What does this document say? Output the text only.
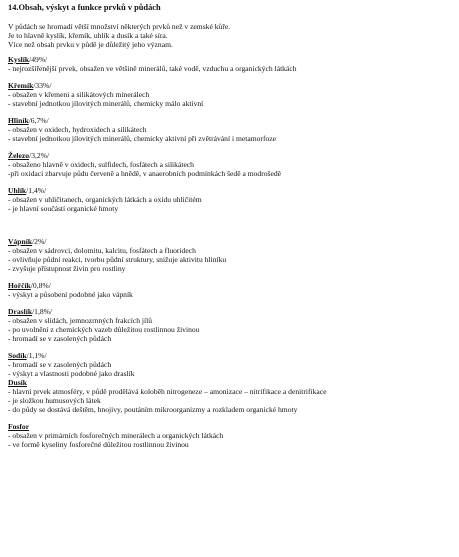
14.Obsah, výskyt a funkce prvků v půdách
V půdách se hromadí větší množství některých prvků než v zemské kůře.
Je to hlavně kyslík, křemík, uhlík a dusík a také síra.
Více než obsah prvku v půdě je důležitý jeho význam.
Kyslík/49%/
- nejrozšířenější prvek, obsažen ve většině minerálů, také vodě, vzduchu a organických látkách
Křemík/33%/
- obsažen v křemeni a silikátových minerálech
- stavební jednotkou jílovitých minerálů, chemicky málo aktivní
Hliník/6,7%/
- obsažen v oxidech, hydroxidech a silikátech
- stavební jednotkou jílovitých minerálů, chemicky aktivní při zvětrávání i metamorfoze
Železo/3,2%/
- obsaženo hlavně v oxidech, sulfidech, fosfátech a silikátech
-při oxidaci zbarvuje půdu červeně a hnědě, v anaerobních podmínkách šedě a modrošedě
Uhlík/1,4%/
- obsažen v uhličitanech, organických látkách a oxidu uhličitém
- je hlavní součástí organické hmoty
Vápník/2%/
- obsažen v sádrovci, dolomitu, kalcitu, fosfátech a fluoridech
- ovlivňuje půdní reakci, tvorbu půdní struktury, snižuje aktivitu hliníku
- zvyšuje přístupnost živin pro rostliny
Hořčík/0,8%/
- výskyt a působení podobné jako vápník
Draslík/1,8%/
- obsažen v slídách, jemnozrnných frakcích jílů
- po uvolnění z chemických vazeb důležitou rostlinnou živinou
- hromadí se v zasolených půdách
Sodík/1,1%/
- hromadí se v zasolených půdách
- výskyt a vlastnosti podobné jako draslík
Dusík
- hlavní prvek atmosféry, v půdě prodělává koloběh nitrogeneze – amonizace – nitrifikace a denitrifikace
- je složkou humusových látek
- do půdy se dostává deštěm, hnojivy, poutáním mikroorganizmy a rozkladem organické hmoty
Fosfor
- obsažen v primárních fosforečných minerálech a organických látkách
- ve formě kyseliny fosforečné důležitou rostlinnou živinou
